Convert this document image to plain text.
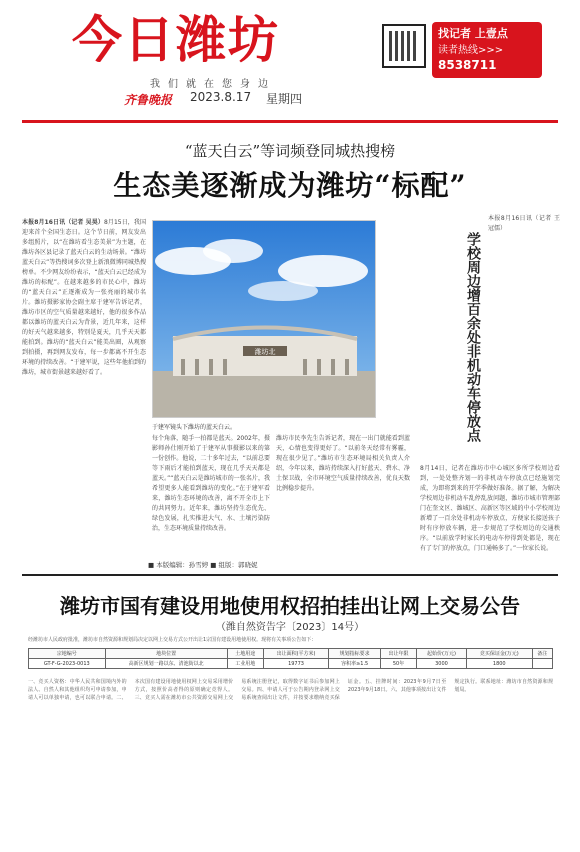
今日潍坊
我们就在您身边
齐鲁晚报 2023.8.17 星期四
找记者 上壹点
读者热线>>>
8538711
“蓝天白云”等词频登同城热搜榜
生态美逐渐成为潍坊“标配”
本报8月16日讯（记者 吴昊）8月15日，我国迎来首个全国生态日。这个节日前，网友发出多组照片，以“在潍坊看生态美景”为主题，在潍坊各区县记录了蓝天白云的生动场景。“潍坊蓝天白云”等热搜词多次登上新浪微博同城热搜榜单。不少网友纷纷表示，“蓝天白云已经成为潍坊的标配”。在越来越多的市民心中，潍坊的“蓝天白云”正逐渐成为一张亮丽的城市名片。潍坊摄影家协会副主席于建军告诉记者，潍坊市区的空气质量越来越好，他的很多作品都以潍坊的蓝天白云为背景，近几年来，这样的好天气越来越多，特别是夏天，几乎天天都能拍到。潍坊的“蓝天白云”能美出圈，从观察到拍摄，再到网友发布，每一步都离不开生态环境的持续改善。“于建军说，这些年他拍到的潍坊，城市街景越来越好看了。
潍坊北
于建军镜头下潍坊的蓝天白云。
每个角落，随手一拍都是蓝天。2002年，摄影师孙仕刚开始了于建军从事摄影以来的第一份创作。他说，二十多年过去，“以前总要等下雨后才能拍到蓝天，现在几乎天天都是蓝天。”“蓝天白云是潍坊城市的一张名片，我希望更多人能看到潍坊的变化。”在于建军看来，潍坊生态环境的改善，离不开全市上下的共同努力。近年来，潍坊坚持生态优先、绿色发展，扎实推进大气、水、土壤污染防治，生态环境质量持续改善。
潍坊市民李先生告诉记者，现在一出门就能看到蓝天，心情也变得更好了。“以前冬天经常有雾霾，现在很少见了。”潍坊市生态环境局相关负责人介绍，今年以来，潍坊持续深入打好蓝天、碧水、净土保卫战，全市环境空气质量持续改善，优良天数比例稳步提升。
本报8月16日讯（记者 王冠儒）
学校周边增百余处非机动车停放点
8月14日，记者在潍坊市中心城区多所学校周边看到，一处处整齐划一的非机动车停放点已经施划完成，为即将到来的开学季做好准备。据了解，为解决学校周边非机动车乱停乱放问题，潍坊市城市管理部门在奎文区、潍城区、高新区等区域的中小学校周边新增了一百余处非机动车停放点，方便家长接送孩子时有序停放车辆，进一步规范了学校周边的交通秩序。“以前放学时家长的电动车停得到处都是，现在有了专门的停放点，门口通畅多了。”一位家长说。
■ 本版编辑：孙雪婷 ■ 组版：郭晓妮
潍坊市国有建设用地使用权招拍挂出让网上交易公告
（潍自然资告字〔2023〕14号）
经潍坊市人民政府批准，潍坊市自然资源和规划局决定以网上交易方式公开出让1宗国有建设用地使用权。现将有关事项公告如下：
宗地编号	地块位置	土地用途	出让面积(平方米)	规划指标要求	出让年限	起始价(万元)	竞买保证金(万元)	备注
GT-F-G-2023-0013	高新区规划一路以东、清池街以北	工业用地	19773	容积率≥1.5	50年	3000	1800	
一、竞买人资格：中华人民共和国境内外的法人、自然人和其他组织均可申请参加，申请人可以单独申请，也可以联合申请。二、本次国有建设用地使用权网上交易采用增价方式，按照价高者得的原则确定竞得人。三、竞买人需在潍坊市公共资源交易网上交易系统注册登记，取得数字证书后参加网上交易。四、申请人可于公告期内登录网上交易系统查阅出让文件，并按要求缴纳竞买保证金。五、挂牌时间：2023年9月7日至2023年9月18日。六、其他事项按出让文件规定执行。联系地址：潍坊市自然资源和规划局。
